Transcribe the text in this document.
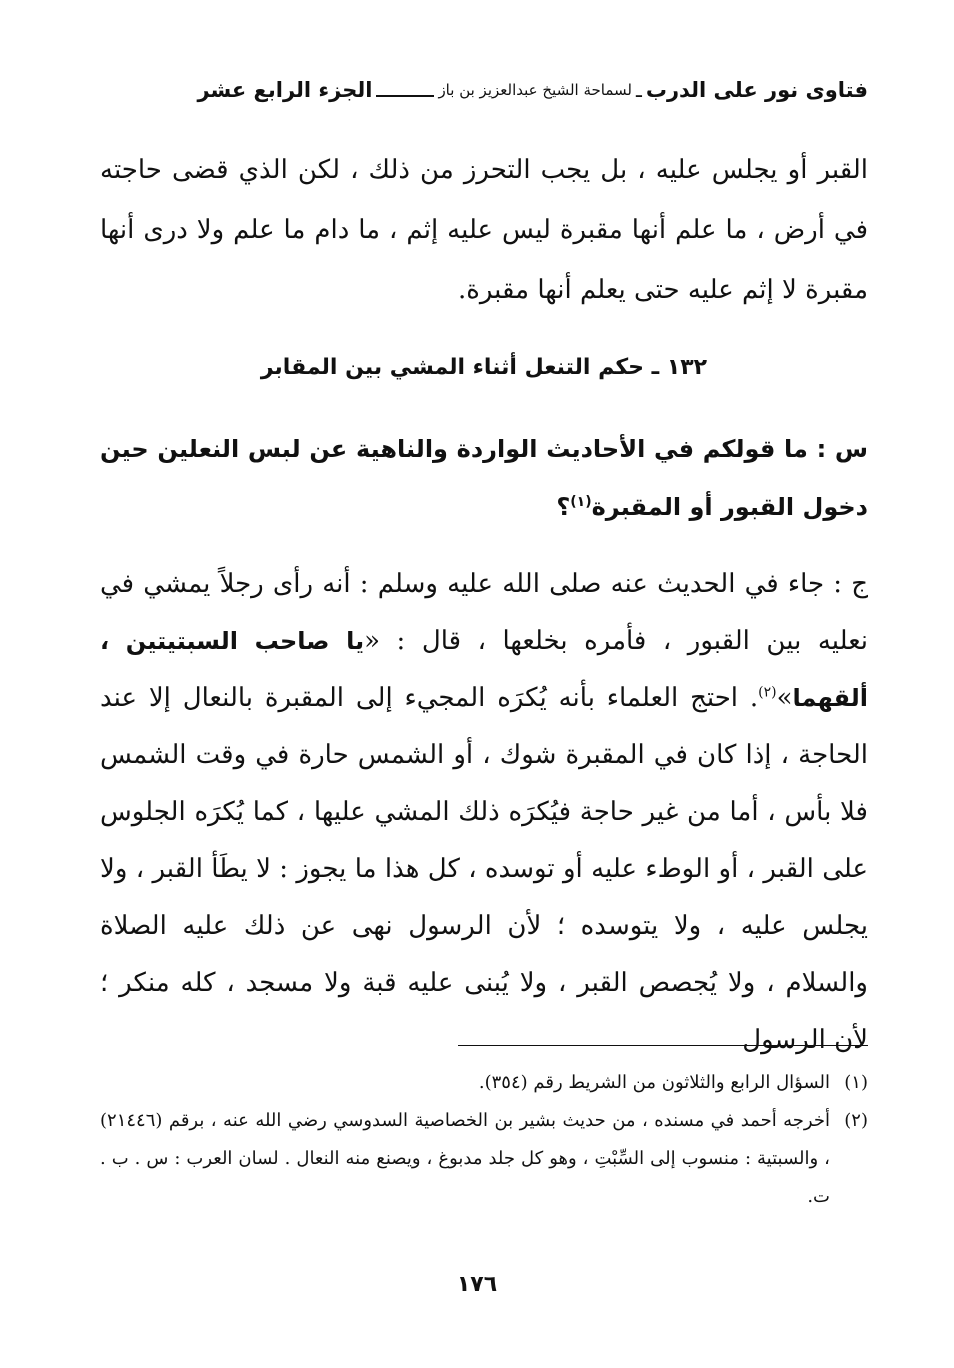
فتاوى نور على الدرب
ـ
لسماحة الشيخ عبدالعزيز بن باز
الجزء الرابع عشر

القبر أو يجلس عليه ، بل يجب التحرز من ذلك ، لكن الذي قضى حاجته في أرض ، ما علم أنها مقبرة ليس عليه إثم ، ما دام ما علم ولا درى أنها مقبرة لا إثم عليه حتى يعلم أنها مقبرة.

١٣٢ ـ حكم التنعل أثناء المشي بين المقابر

س : ما قولكم في الأحاديث الواردة والناهية عن لبس النعلين حين دخول القبور أو المقبرة$^{(١)}$؟

ج : جاء في الحديث عنه صلى الله عليه وسلم : أنه رأى رجلاً يمشي في نعليه بين القبور ، فأمره بخلعها ، قال : «يا صاحب السبتيتين ، ألقهما»$^{(٢)}$. احتج العلماء بأنه يُكرَه المجيء إلى المقبرة بالنعال إلا عند الحاجة ، إذا كان في المقبرة شوك ، أو الشمس حارة في وقت الشمس فلا بأس ، أما من غير حاجة فيُكرَه ذلك المشي عليها ، كما يُكرَه الجلوس على القبر ، أو الوطء عليه أو توسده ، كل هذا ما يجوز : لا يطَأ القبر ، ولا يجلس عليه ، ولا يتوسده ؛ لأن الرسول نهى عن ذلك عليه الصلاة والسلام ، ولا يُجصص القبر ، ولا يُبنى عليه قبة ولا مسجد ، كله منكر ؛ لأن الرسول

(١)
السؤال الرابع والثلاثون من الشريط رقم (٣٥٤).

(٢)
أخرجه أحمد في مسنده ، من حديث بشير بن الخصاصية السدوسي رضي الله عنه ، برقم (٢١٤٤٦) ، والسبتية : منسوب إلى السِّبْتِ ، وهو كل جلد مدبوغ ، ويصنع منه النعال . لسان العرب : س . ب . ت.

١٧٦
